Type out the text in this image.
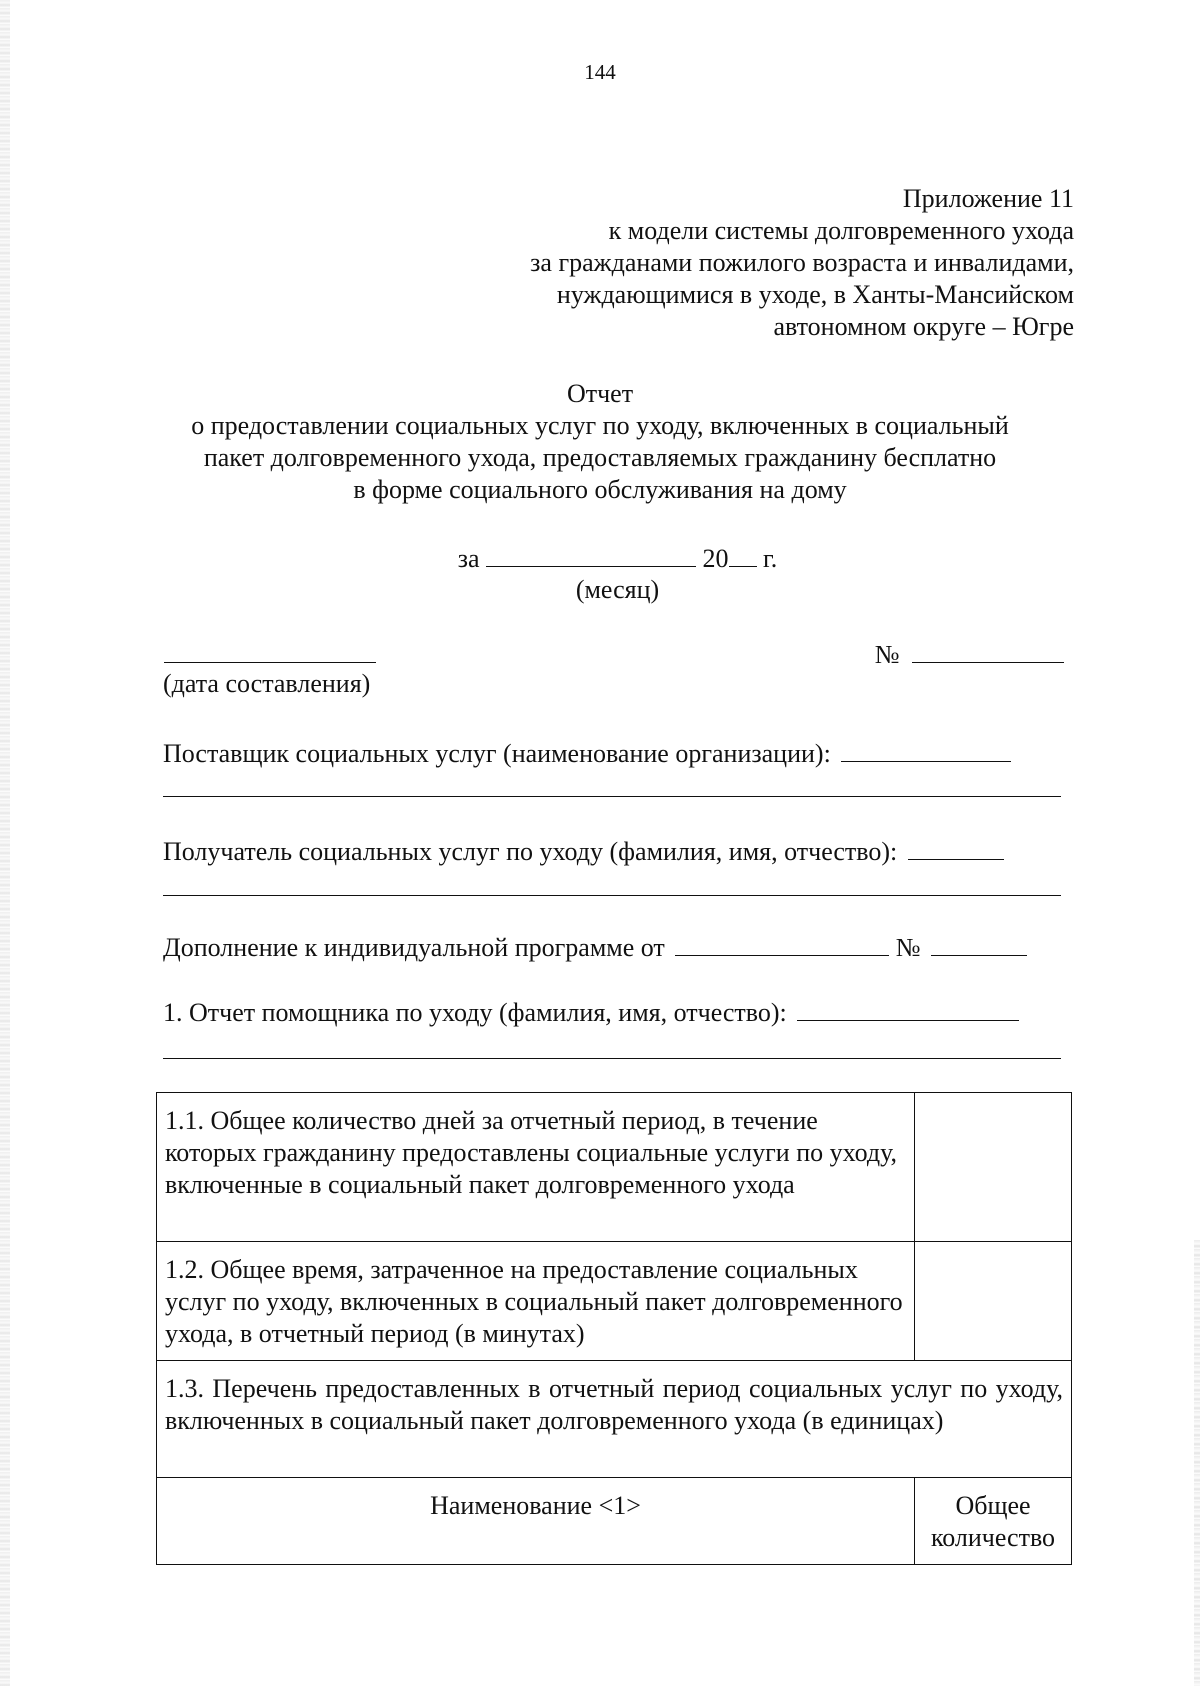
144
Приложение 11
к модели системы долговременного ухода
за гражданами пожилого возраста и инвалидами,
нуждающимися в уходе, в Ханты-Мансийском
автономном округе – Югре
Отчет
о предоставлении социальных услуг по уходу, включенных в социальный
пакет долговременного ухода, предоставляемых гражданину бесплатно
в форме социального обслуживания на дому
за	20 г.
(месяц)
(дата составления)
№
Поставщик социальных услуг (наименование организации):
Получатель социальных услуг по уходу (фамилия, имя, отчество):
Дополнение к индивидуальной программе от	№
1. Отчет помощника по уходу (фамилия, имя, отчество):
1.1. Общее количество дней за отчетный период, в течение которых гражданину предоставлены социальные услуги по уходу, включенные в социальный пакет долговременного ухода	
1.2. Общее время, затраченное на предоставление социальных услуг по уходу, включенных в социальный пакет долговременного ухода, в отчетный период (в минутах)	
1.3. Перечень предоставленных в отчетный период социальных услуг по уходу, включенных в социальный пакет долговременного ухода (в единицах)	
Наименование <1>	Общее количество
